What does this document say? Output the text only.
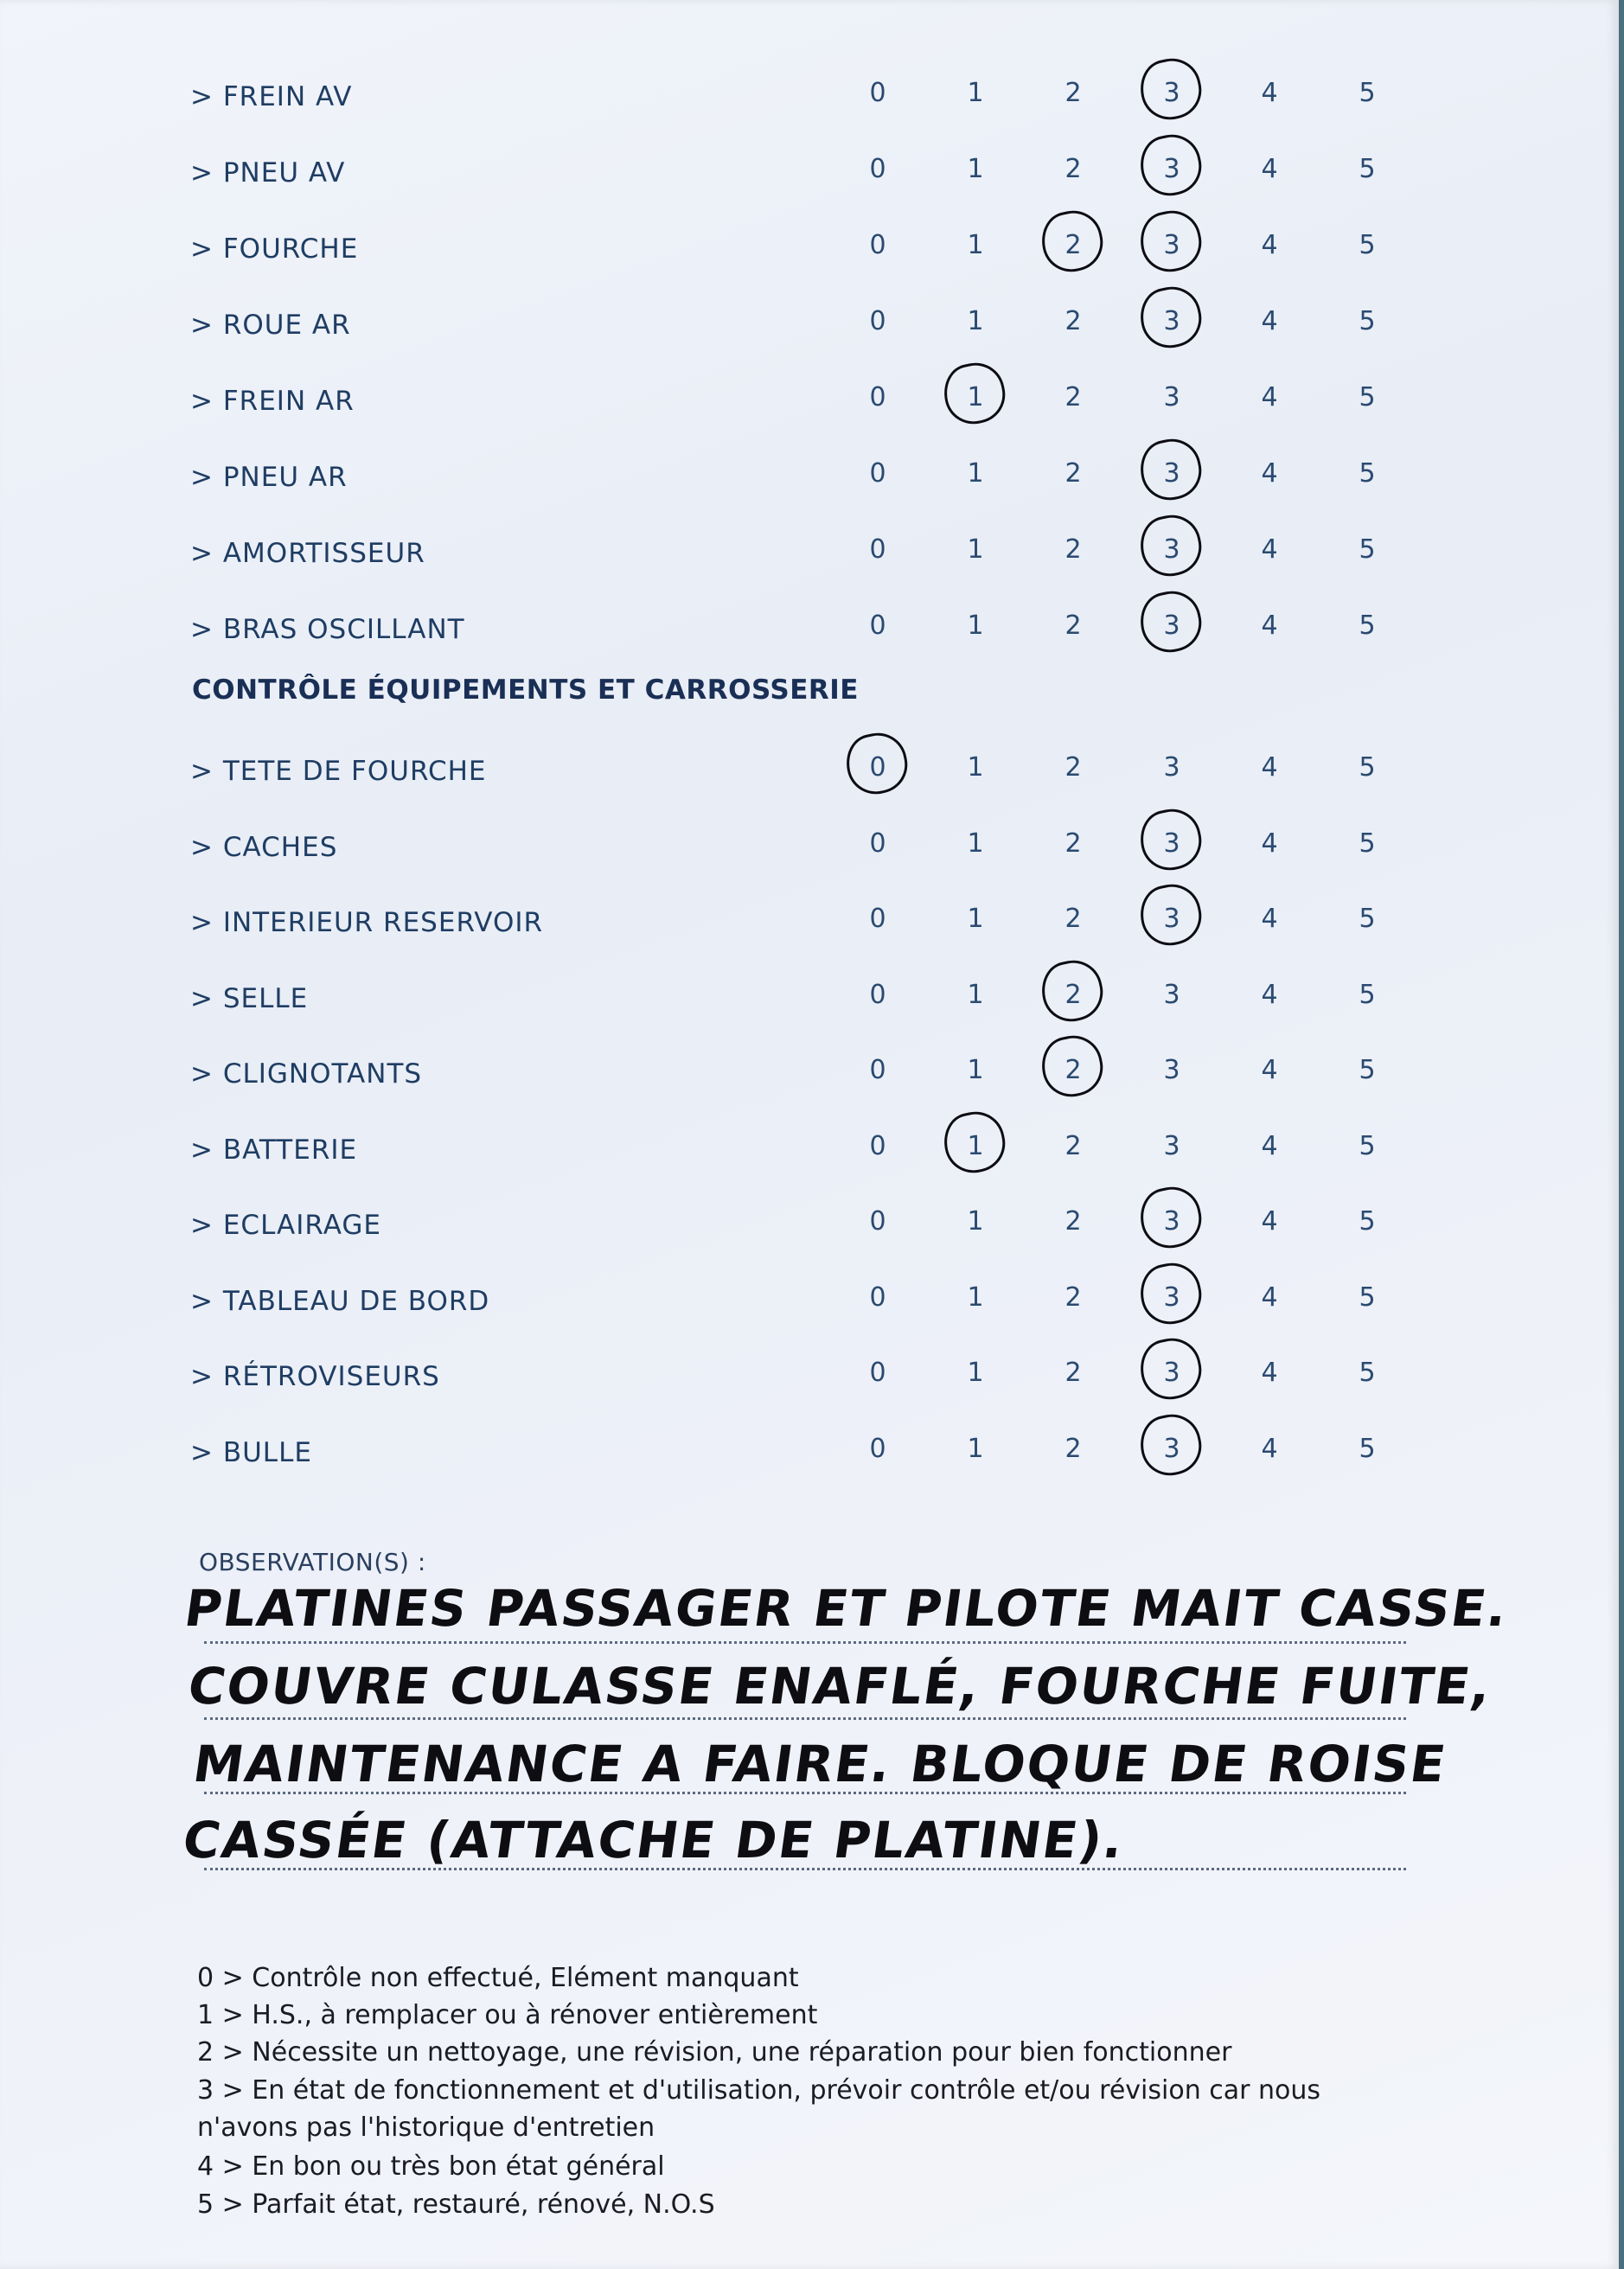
> FREIN AV	0	1	2	3	4	5
> PNEU AV	0	1	2	3	4	5
> FOURCHE	0	1	2	3	4	5
> ROUE AR	0	1	2	3	4	5
> FREIN AR	0	1	2	3	4	5
> PNEU AR	0	1	2	3	4	5
> AMORTISSEUR	0	1	2	3	4	5
> BRAS OSCILLANT	0	1	2	3	4	5
CONTRÔLE ÉQUIPEMENTS ET CARROSSERIE
> TETE DE FOURCHE	0	1	2	3	4	5
> CACHES	0	1	2	3	4	5
> INTERIEUR RESERVOIR	0	1	2	3	4	5
> SELLE	0	1	2	3	4	5
> CLIGNOTANTS	0	1	2	3	4	5
> BATTERIE	0	1	2	3	4	5
> ECLAIRAGE	0	1	2	3	4	5
> TABLEAU DE BORD	0	1	2	3	4	5
> RÉTROVISEURS	0	1	2	3	4	5
> BULLE	0	1	2	3	4	5
OBSERVATION(S) :
PLATINES PASSAGER ET PILOTE MAIT CASSE.
COUVRE CULASSE ENAFLÉ, FOURCHE FUITE,
MAINTENANCE A FAIRE. BLOQUE DE ROISE
CASSÉE (ATTACHE DE PLATINE).
0 > Contrôle non effectué, Elément manquant
1 > H.S., à remplacer ou à rénover entièrement
2 > Nécessite un nettoyage, une révision, une réparation pour bien fonctionner
3 > En état de fonctionnement et d'utilisation, prévoir contrôle et/ou révision car nous
n'avons pas l'historique d'entretien
4 > En bon ou très bon état général
5 > Parfait état, restauré, rénové, N.O.S
